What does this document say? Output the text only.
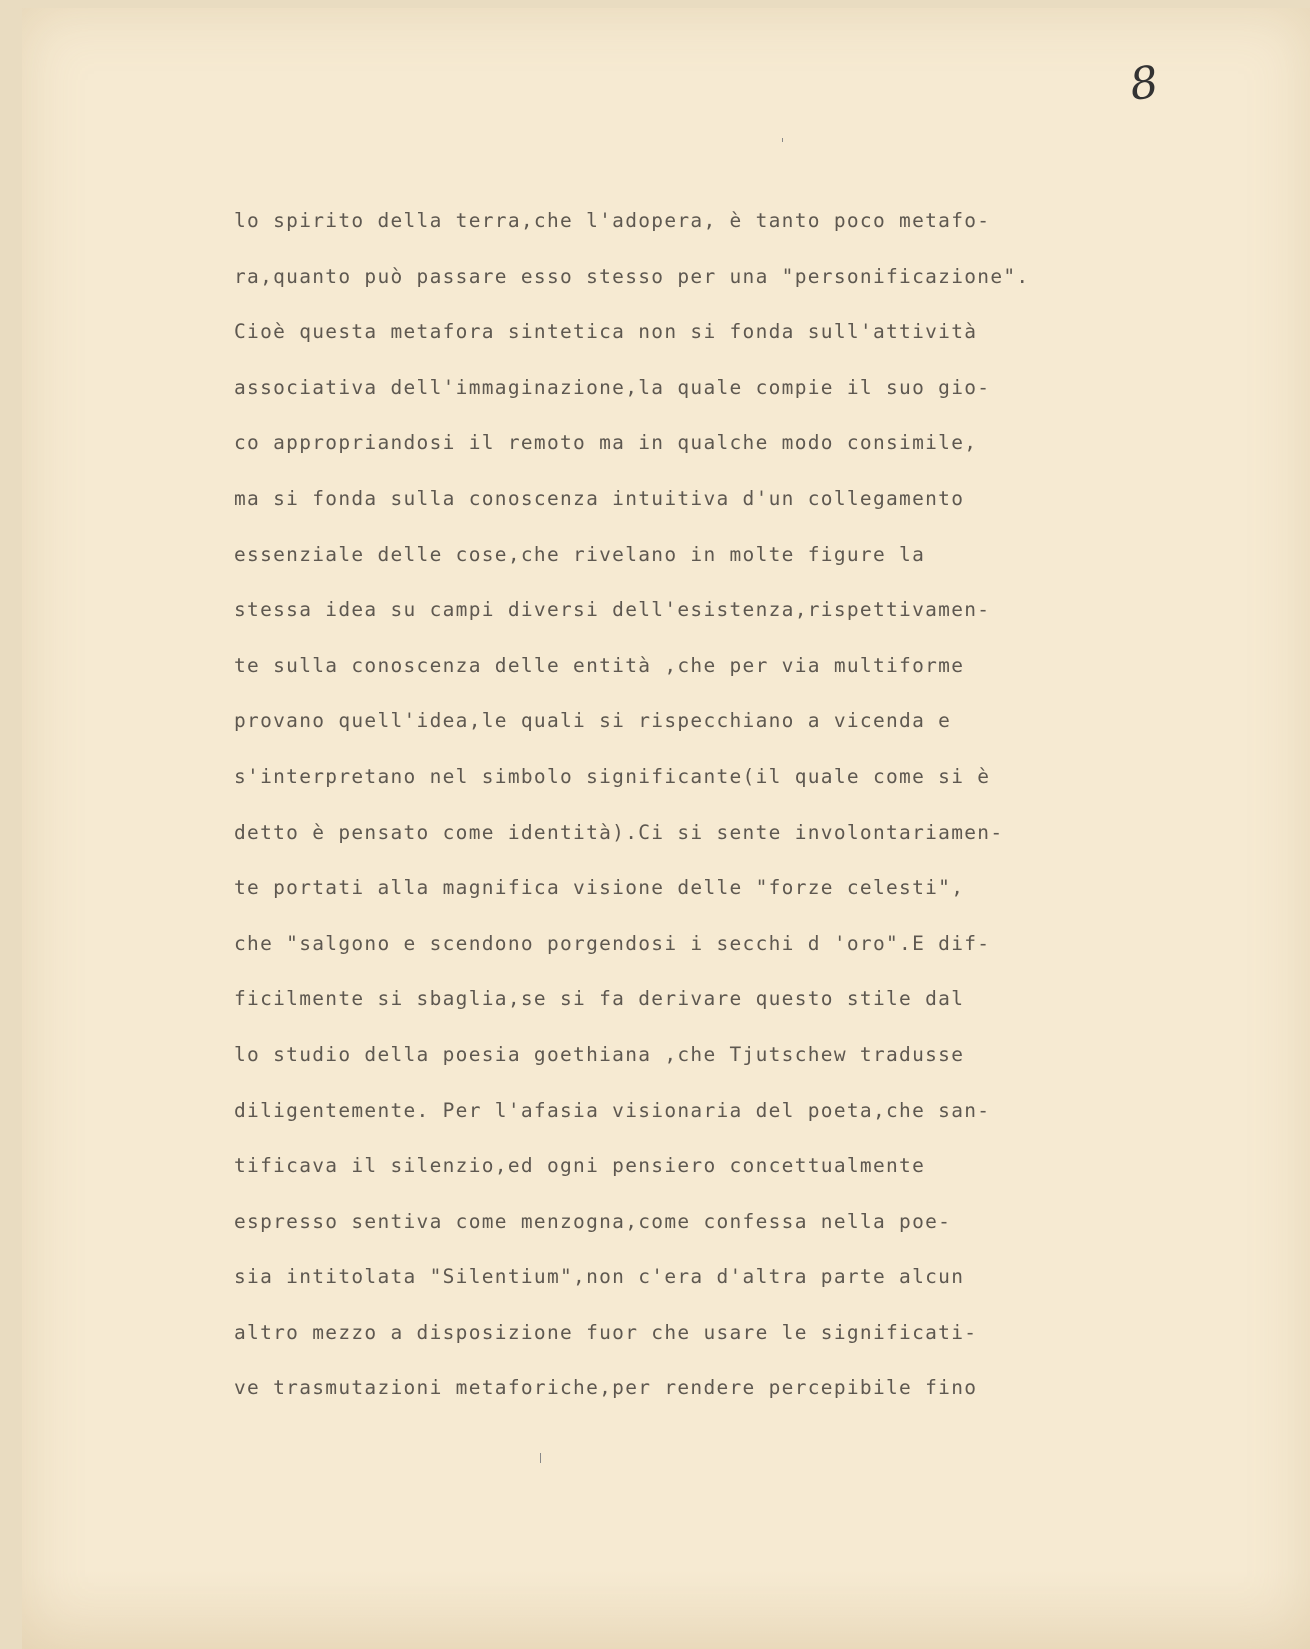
8
lo spirito della terra,che l'adopera, è tanto poco metafo-
ra,quanto può passare esso stesso per una "personificazione".
Cioè questa metafora sintetica non si fonda sull'attività
associativa dell'immaginazione,la quale compie il suo gio-
co appropriandosi il remoto ma in qualche modo consimile,
ma si fonda sulla conoscenza intuitiva d'un collegamento
essenziale delle cose,che rivelano in molte figure la
stessa idea su campi diversi dell'esistenza,rispettivamen-
te sulla conoscenza delle entità ,che per via multiforme
provano quell'idea,le quali si rispecchiano a vicenda e
s'interpretano nel simbolo significante(il quale come si è
detto è pensato come identità).Ci si sente involontariamen-
te portati alla magnifica visione delle "forze celesti",
che "salgono e scendono porgendosi i secchi d 'oro".E dif-
ficilmente si sbaglia,se si fa derivare questo stile dal
lo studio della poesia goethiana ,che Tjutschew tradusse
diligentemente. Per l'afasia visionaria del poeta,che san-
tificava il silenzio,ed ogni pensiero concettualmente
espresso sentiva come menzogna,come confessa nella poe-
sia intitolata "Silentium",non c'era d'altra parte alcun
altro mezzo a disposizione fuor che usare le significati-
ve trasmutazioni metaforiche,per rendere percepibile fino
